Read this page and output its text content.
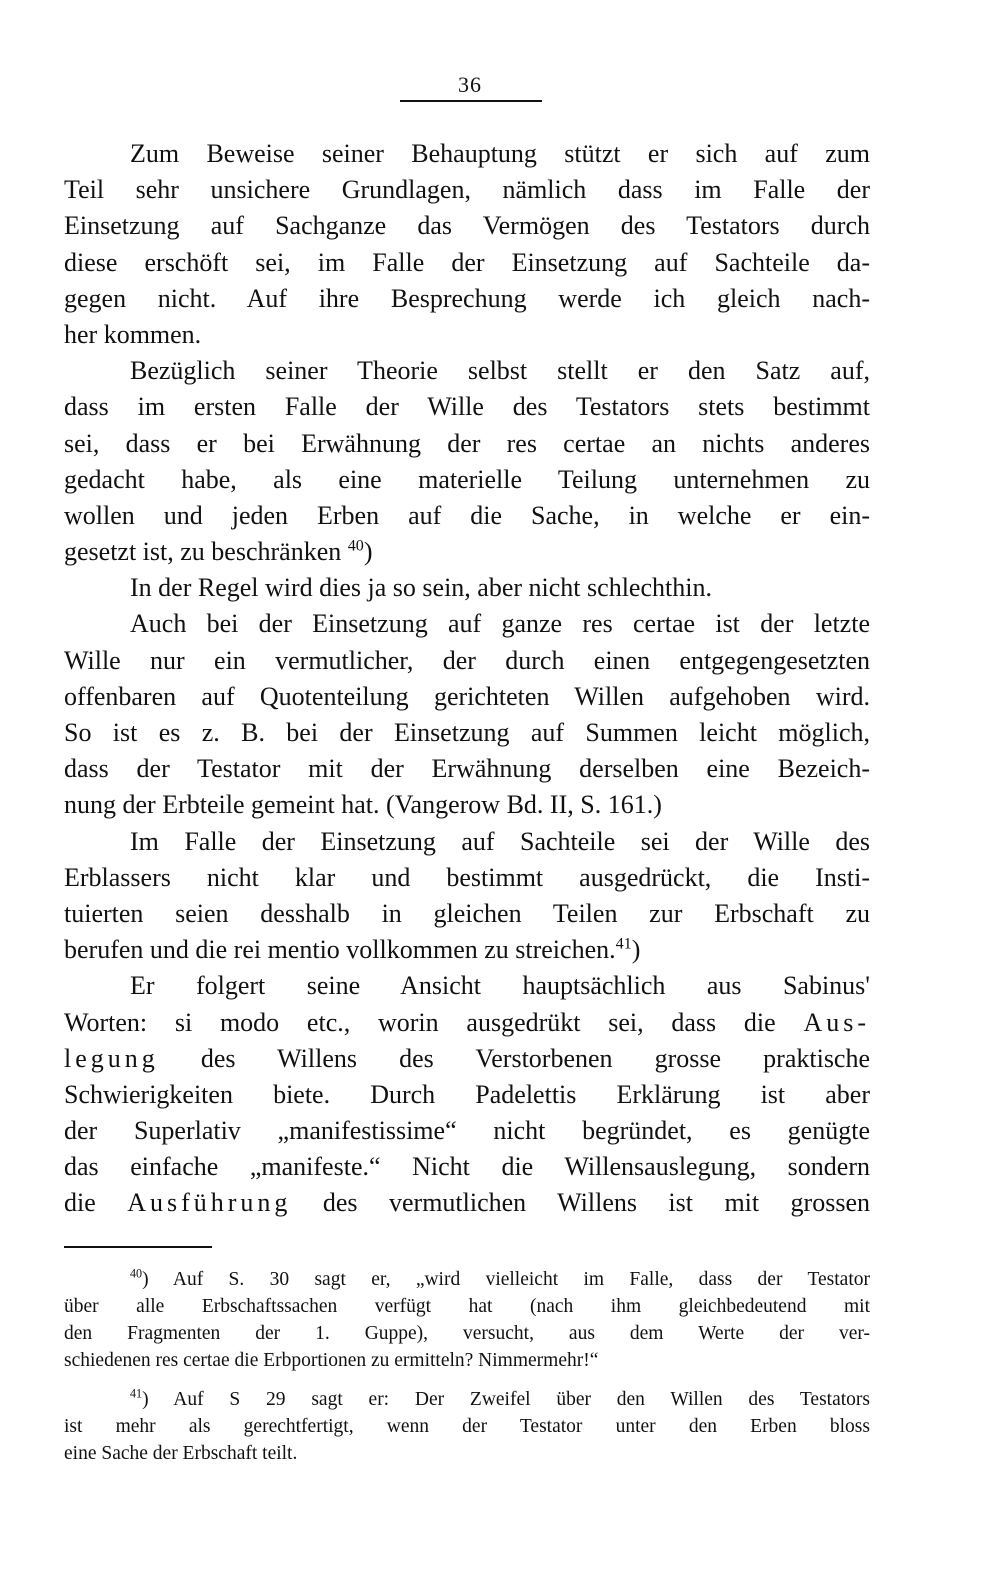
36
Zum Beweise seiner Behauptung stützt er sich auf zum
Teil sehr unsichere Grundlagen, nämlich dass im Falle der
Einsetzung auf Sachganze das Vermögen des Testators durch
diese erschöft sei, im Falle der Einsetzung auf Sachteile da-
gegen nicht. Auf ihre Besprechung werde ich gleich nach-
her kommen.
Bezüglich seiner Theorie selbst stellt er den Satz auf,
dass im ersten Falle der Wille des Testators stets bestimmt
sei, dass er bei Erwähnung der res certae an nichts anderes
gedacht habe, als eine materielle Teilung unternehmen zu
wollen und jeden Erben auf die Sache, in welche er ein-
gesetzt ist, zu beschränken $^{40}$)
In der Regel wird dies ja so sein, aber nicht schlechthin.
Auch bei der Einsetzung auf ganze res certae ist der letzte
Wille nur ein vermutlicher, der durch einen entgegengesetzten
offenbaren auf Quotenteilung gerichteten Willen aufgehoben wird.
So ist es z. B. bei der Einsetzung auf Summen leicht möglich,
dass der Testator mit der Erwähnung derselben eine Bezeich-
nung der Erbteile gemeint hat. (Vangerow Bd. II, S. 161.)
Im Falle der Einsetzung auf Sachteile sei der Wille des
Erblassers nicht klar und bestimmt ausgedrückt, die Insti-
tuierten seien desshalb in gleichen Teilen zur Erbschaft zu
berufen und die rei mentio vollkommen zu streichen.$^{41}$)
Er folgert seine Ansicht hauptsächlich aus Sabinus'
Worten: si modo etc., worin ausgedrükt sei, dass die Aus-
legung des Willens des Verstorbenen grosse praktische
Schwierigkeiten biete. Durch Padelettis Erklärung ist aber
der Superlativ „manifestissime“ nicht begründet, es genügte
das einfache „manifeste.“ Nicht die Willensauslegung, sondern
die Ausführung des vermutlichen Willens ist mit grossen
$^{40}$) Auf S. 30 sagt er, „wird vielleicht im Falle, dass der Testator
über alle Erbschaftssachen verfügt hat (nach ihm gleichbedeutend mit
den Fragmenten der 1. Guppe), versucht, aus dem Werte der ver-
schiedenen res certae die Erbportionen zu ermitteln? Nimmermehr!“
$^{41}$) Auf S 29 sagt er: Der Zweifel über den Willen des Testators
ist mehr als gerechtfertigt, wenn der Testator unter den Erben bloss
eine Sache der Erbschaft teilt.
